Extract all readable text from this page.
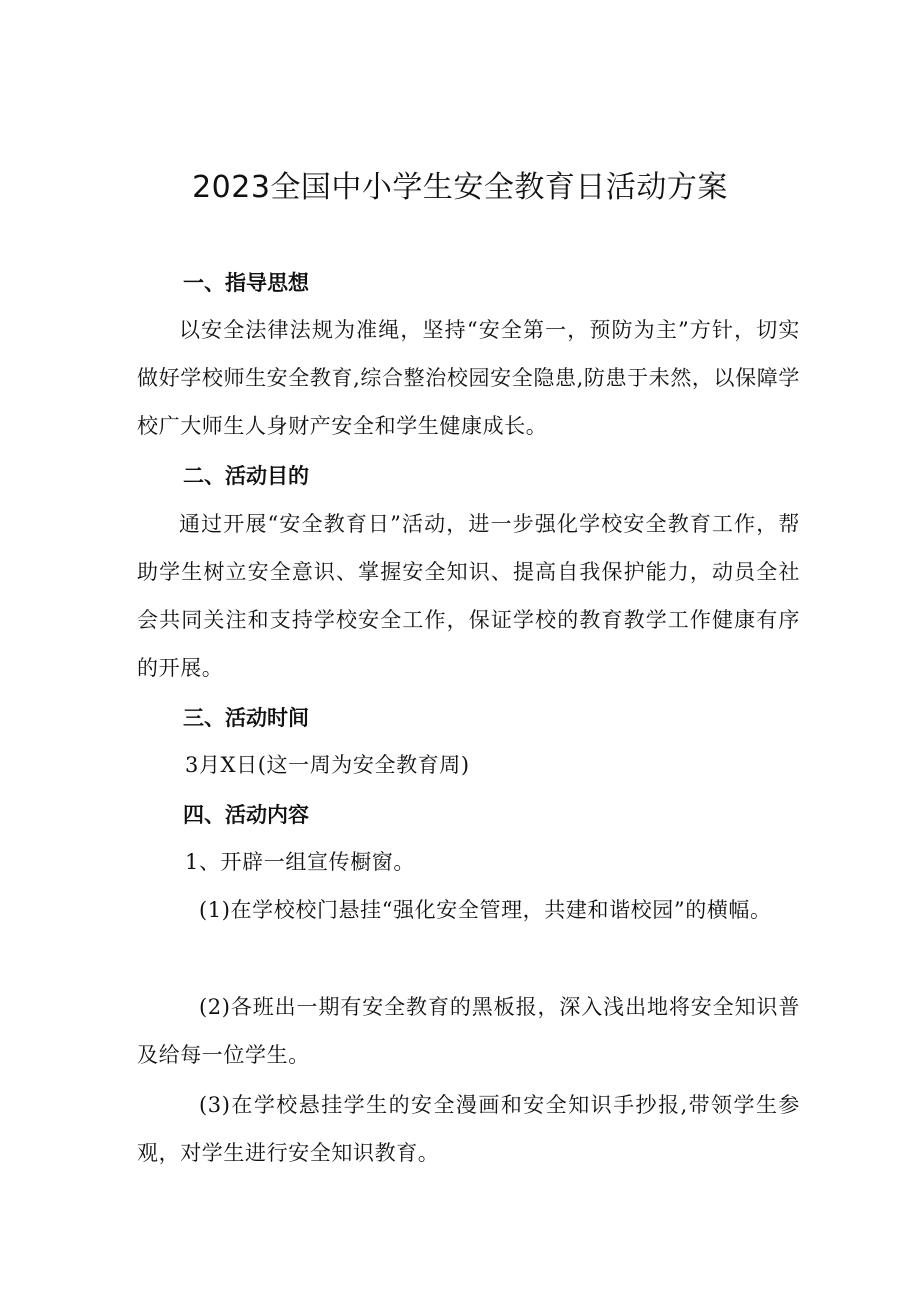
2023全国中小学生安全教育日活动方案
一、指导思想

以安全法律法规为准绳，坚持“安全第一，预防为主”方针，切实做好学校师生安全教育,综合整治校园安全隐患,防患于未然，以保障学校广大师生人身财产安全和学生健康成长。

二、活动目的

通过开展“安全教育日”活动，进一步强化学校安全教育工作，帮助学生树立安全意识、掌握安全知识、提高自我保护能力，动员全社会共同关注和支持学校安全工作，保证学校的教育教学工作健康有序的开展。

三、活动时间

3月X日(这一周为安全教育周)

四、活动内容

1、开辟一组宣传橱窗。

(1)在学校校门悬挂“强化安全管理，共建和谐校园”的横幅。

(2)各班出一期有安全教育的黑板报，深入浅出地将安全知识普及给每一位学生。

(3)在学校悬挂学生的安全漫画和安全知识手抄报,带领学生参观，对学生进行安全知识教育。
